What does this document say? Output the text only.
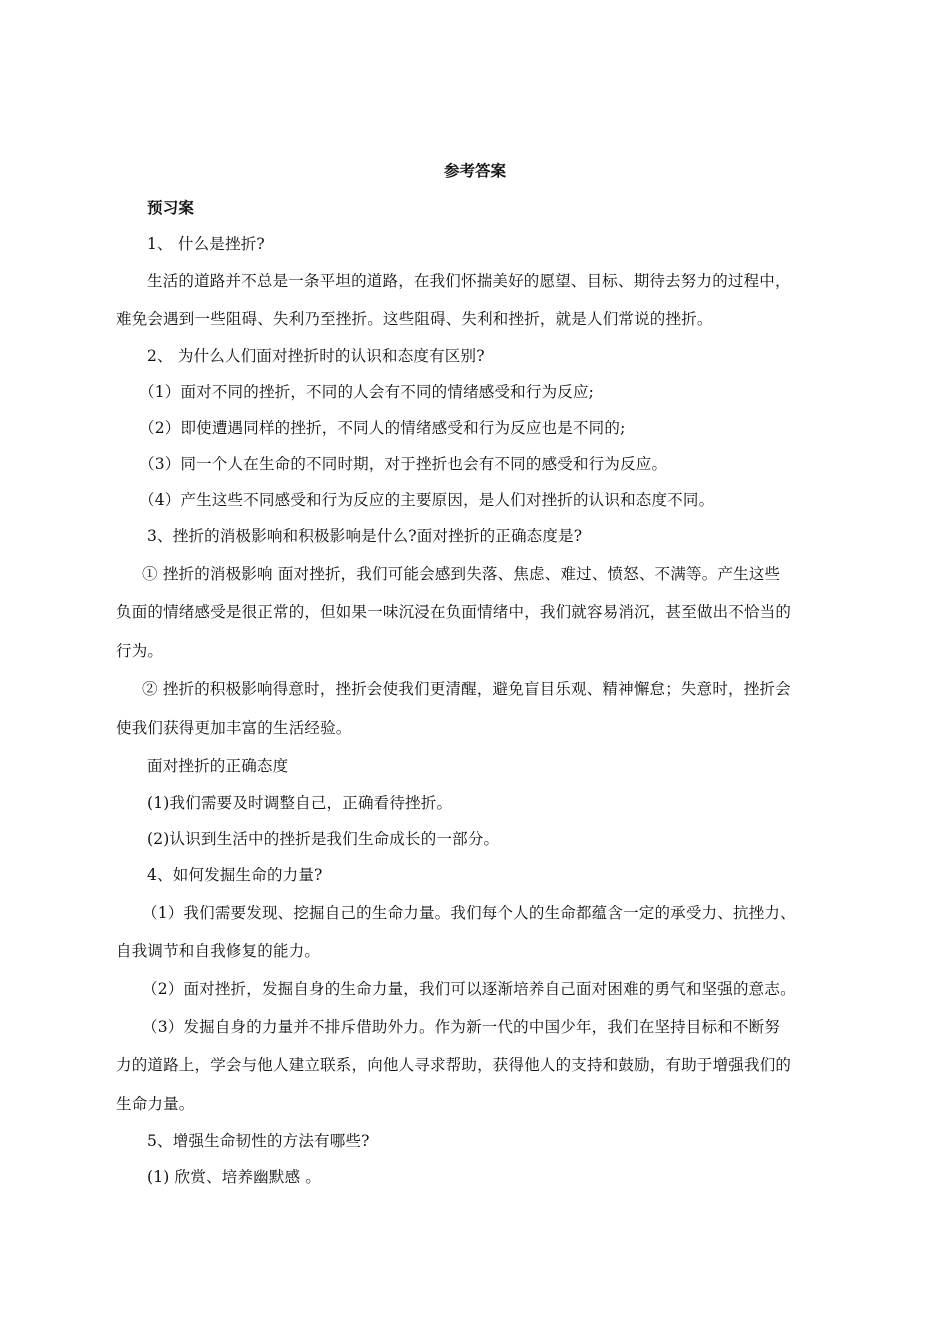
参考答案
预习案
1、 什么是挫折?
生活的道路并不总是一条平坦的道路，在我们怀揣美好的愿望、目标、期待去努力的过程中，
难免会遇到一些阻碍、失利乃至挫折。这些阻碍、失利和挫折，就是人们常说的挫折。
2、 为什么人们面对挫折时的认识和态度有区别?
（1）面对不同的挫折，不同的人会有不同的情绪感受和行为反应;
（2）即使遭遇同样的挫折，不同人的情绪感受和行为反应也是不同的;
（3）同一个人在生命的不同时期，对于挫折也会有不同的感受和行为反应。
（4）产生这些不同感受和行为反应的主要原因，是人们对挫折的认识和态度不同。
3、挫折的消极影响和积极影响是什么?面对挫折的正确态度是?
① 挫折的消极影响 面对挫折，我们可能会感到失落、焦虑、难过、愤怒、不满等。产生这些
负面的情绪感受是很正常的，但如果一味沉浸在负面情绪中，我们就容易消沉，甚至做出不恰当的
行为。
② 挫折的积极影响得意时，挫折会使我们更清醒，避免盲目乐观、精神懈怠；失意时，挫折会
使我们获得更加丰富的生活经验。
面对挫折的正确态度
(1)我们需要及时调整自己，正确看待挫折。
(2)认识到生活中的挫折是我们生命成长的一部分。
4、如何发掘生命的力量?
（1）我们需要发现、挖掘自己的生命力量。我们每个人的生命都蕴含一定的承受力、抗挫力、
自我调节和自我修复的能力。
（2）面对挫折，发掘自身的生命力量，我们可以逐渐培养自己面对困难的勇气和坚强的意志。
（3）发掘自身的力量并不排斥借助外力。作为新一代的中国少年，我们在坚持目标和不断努
力的道路上，学会与他人建立联系，向他人寻求帮助，获得他人的支持和鼓励，有助于增强我们的
生命力量。
5、增强生命韧性的方法有哪些?
(1) 欣赏、培养幽默感 。
